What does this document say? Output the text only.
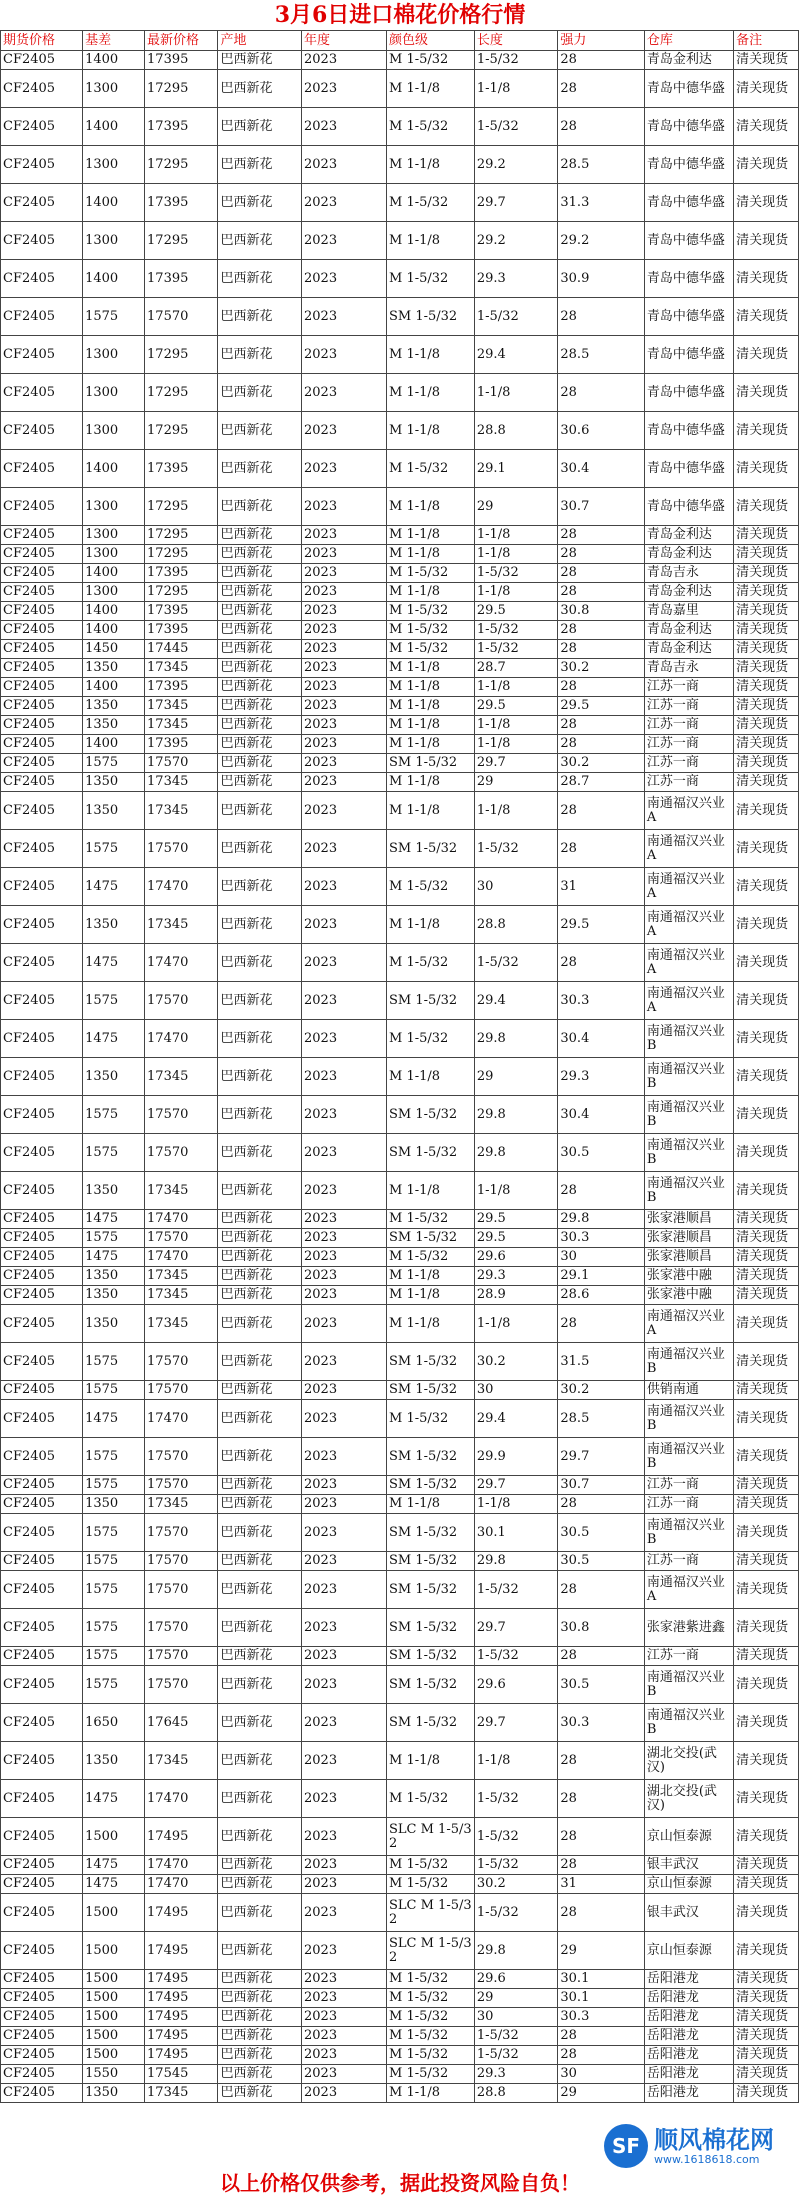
3月6日进口棉花价格行情
期货价格	基差	最新价格	产地	年度	颜色级	长度	强力	仓库	备注
CF2405	1400	17395	巴西新花	2023	M 1-5/32	1-5/32	28	青岛金利达	清关现货
CF2405	1300	17295	巴西新花	2023	M 1-1/8	1-1/8	28	青岛中德华盛	清关现货
CF2405	1400	17395	巴西新花	2023	M 1-5/32	1-5/32	28	青岛中德华盛	清关现货
CF2405	1300	17295	巴西新花	2023	M 1-1/8	29.2	28.5	青岛中德华盛	清关现货
CF2405	1400	17395	巴西新花	2023	M 1-5/32	29.7	31.3	青岛中德华盛	清关现货
CF2405	1300	17295	巴西新花	2023	M 1-1/8	29.2	29.2	青岛中德华盛	清关现货
CF2405	1400	17395	巴西新花	2023	M 1-5/32	29.3	30.9	青岛中德华盛	清关现货
CF2405	1575	17570	巴西新花	2023	SM 1-5/32	1-5/32	28	青岛中德华盛	清关现货
CF2405	1300	17295	巴西新花	2023	M 1-1/8	29.4	28.5	青岛中德华盛	清关现货
CF2405	1300	17295	巴西新花	2023	M 1-1/8	1-1/8	28	青岛中德华盛	清关现货
CF2405	1300	17295	巴西新花	2023	M 1-1/8	28.8	30.6	青岛中德华盛	清关现货
CF2405	1400	17395	巴西新花	2023	M 1-5/32	29.1	30.4	青岛中德华盛	清关现货
CF2405	1300	17295	巴西新花	2023	M 1-1/8	29	30.7	青岛中德华盛	清关现货
CF2405	1300	17295	巴西新花	2023	M 1-1/8	1-1/8	28	青岛金利达	清关现货
CF2405	1300	17295	巴西新花	2023	M 1-1/8	1-1/8	28	青岛金利达	清关现货
CF2405	1400	17395	巴西新花	2023	M 1-5/32	1-5/32	28	青岛吉永	清关现货
CF2405	1300	17295	巴西新花	2023	M 1-1/8	1-1/8	28	青岛金利达	清关现货
CF2405	1400	17395	巴西新花	2023	M 1-5/32	29.5	30.8	青岛嘉里	清关现货
CF2405	1400	17395	巴西新花	2023	M 1-5/32	1-5/32	28	青岛金利达	清关现货
CF2405	1450	17445	巴西新花	2023	M 1-5/32	1-5/32	28	青岛金利达	清关现货
CF2405	1350	17345	巴西新花	2023	M 1-1/8	28.7	30.2	青岛吉永	清关现货
CF2405	1400	17395	巴西新花	2023	M 1-1/8	1-1/8	28	江苏一商	清关现货
CF2405	1350	17345	巴西新花	2023	M 1-1/8	29.5	29.5	江苏一商	清关现货
CF2405	1350	17345	巴西新花	2023	M 1-1/8	1-1/8	28	江苏一商	清关现货
CF2405	1400	17395	巴西新花	2023	M 1-1/8	1-1/8	28	江苏一商	清关现货
CF2405	1575	17570	巴西新花	2023	SM 1-5/32	29.7	30.2	江苏一商	清关现货
CF2405	1350	17345	巴西新花	2023	M 1-1/8	29	28.7	江苏一商	清关现货
CF2405	1350	17345	巴西新花	2023	M 1-1/8	1-1/8	28	南通福汉兴业A	清关现货
CF2405	1575	17570	巴西新花	2023	SM 1-5/32	1-5/32	28	南通福汉兴业A	清关现货
CF2405	1475	17470	巴西新花	2023	M 1-5/32	30	31	南通福汉兴业A	清关现货
CF2405	1350	17345	巴西新花	2023	M 1-1/8	28.8	29.5	南通福汉兴业A	清关现货
CF2405	1475	17470	巴西新花	2023	M 1-5/32	1-5/32	28	南通福汉兴业A	清关现货
CF2405	1575	17570	巴西新花	2023	SM 1-5/32	29.4	30.3	南通福汉兴业A	清关现货
CF2405	1475	17470	巴西新花	2023	M 1-5/32	29.8	30.4	南通福汉兴业B	清关现货
CF2405	1350	17345	巴西新花	2023	M 1-1/8	29	29.3	南通福汉兴业B	清关现货
CF2405	1575	17570	巴西新花	2023	SM 1-5/32	29.8	30.4	南通福汉兴业B	清关现货
CF2405	1575	17570	巴西新花	2023	SM 1-5/32	29.8	30.5	南通福汉兴业B	清关现货
CF2405	1350	17345	巴西新花	2023	M 1-1/8	1-1/8	28	南通福汉兴业B	清关现货
CF2405	1475	17470	巴西新花	2023	M 1-5/32	29.5	29.8	张家港顺昌	清关现货
CF2405	1575	17570	巴西新花	2023	SM 1-5/32	29.5	30.3	张家港顺昌	清关现货
CF2405	1475	17470	巴西新花	2023	M 1-5/32	29.6	30	张家港顺昌	清关现货
CF2405	1350	17345	巴西新花	2023	M 1-1/8	29.3	29.1	张家港中融	清关现货
CF2405	1350	17345	巴西新花	2023	M 1-1/8	28.9	28.6	张家港中融	清关现货
CF2405	1350	17345	巴西新花	2023	M 1-1/8	1-1/8	28	南通福汉兴业A	清关现货
CF2405	1575	17570	巴西新花	2023	SM 1-5/32	30.2	31.5	南通福汉兴业B	清关现货
CF2405	1575	17570	巴西新花	2023	SM 1-5/32	30	30.2	供销南通	清关现货
CF2405	1475	17470	巴西新花	2023	M 1-5/32	29.4	28.5	南通福汉兴业B	清关现货
CF2405	1575	17570	巴西新花	2023	SM 1-5/32	29.9	29.7	南通福汉兴业B	清关现货
CF2405	1575	17570	巴西新花	2023	SM 1-5/32	29.7	30.7	江苏一商	清关现货
CF2405	1350	17345	巴西新花	2023	M 1-1/8	1-1/8	28	江苏一商	清关现货
CF2405	1575	17570	巴西新花	2023	SM 1-5/32	30.1	30.5	南通福汉兴业B	清关现货
CF2405	1575	17570	巴西新花	2023	SM 1-5/32	29.8	30.5	江苏一商	清关现货
CF2405	1575	17570	巴西新花	2023	SM 1-5/32	1-5/32	28	南通福汉兴业A	清关现货
CF2405	1575	17570	巴西新花	2023	SM 1-5/32	29.7	30.8	张家港紫进鑫	清关现货
CF2405	1575	17570	巴西新花	2023	SM 1-5/32	1-5/32	28	江苏一商	清关现货
CF2405	1575	17570	巴西新花	2023	SM 1-5/32	29.6	30.5	南通福汉兴业B	清关现货
CF2405	1650	17645	巴西新花	2023	SM 1-5/32	29.7	30.3	南通福汉兴业B	清关现货
CF2405	1350	17345	巴西新花	2023	M 1-1/8	1-1/8	28	湖北交投(武汉)	清关现货
CF2405	1475	17470	巴西新花	2023	M 1-5/32	1-5/32	28	湖北交投(武汉)	清关现货
CF2405	1500	17495	巴西新花	2023	SLC M 1-5/32	1-5/32	28	京山恒泰源	清关现货
CF2405	1475	17470	巴西新花	2023	M 1-5/32	1-5/32	28	银丰武汉	清关现货
CF2405	1475	17470	巴西新花	2023	M 1-5/32	30.2	31	京山恒泰源	清关现货
CF2405	1500	17495	巴西新花	2023	SLC M 1-5/32	1-5/32	28	银丰武汉	清关现货
CF2405	1500	17495	巴西新花	2023	SLC M 1-5/32	29.8	29	京山恒泰源	清关现货
CF2405	1500	17495	巴西新花	2023	M 1-5/32	29.6	30.1	岳阳港龙	清关现货
CF2405	1500	17495	巴西新花	2023	M 1-5/32	29	30.1	岳阳港龙	清关现货
CF2405	1500	17495	巴西新花	2023	M 1-5/32	30	30.3	岳阳港龙	清关现货
CF2405	1500	17495	巴西新花	2023	M 1-5/32	1-5/32	28	岳阳港龙	清关现货
CF2405	1500	17495	巴西新花	2023	M 1-5/32	1-5/32	28	岳阳港龙	清关现货
CF2405	1550	17545	巴西新花	2023	M 1-5/32	29.3	30	岳阳港龙	清关现货
CF2405	1350	17345	巴西新花	2023	M 1-1/8	28.8	29	岳阳港龙	清关现货
SF 顺风棉花网
www.1618618.com
以上价格仅供参考，据此投资风险自负！
